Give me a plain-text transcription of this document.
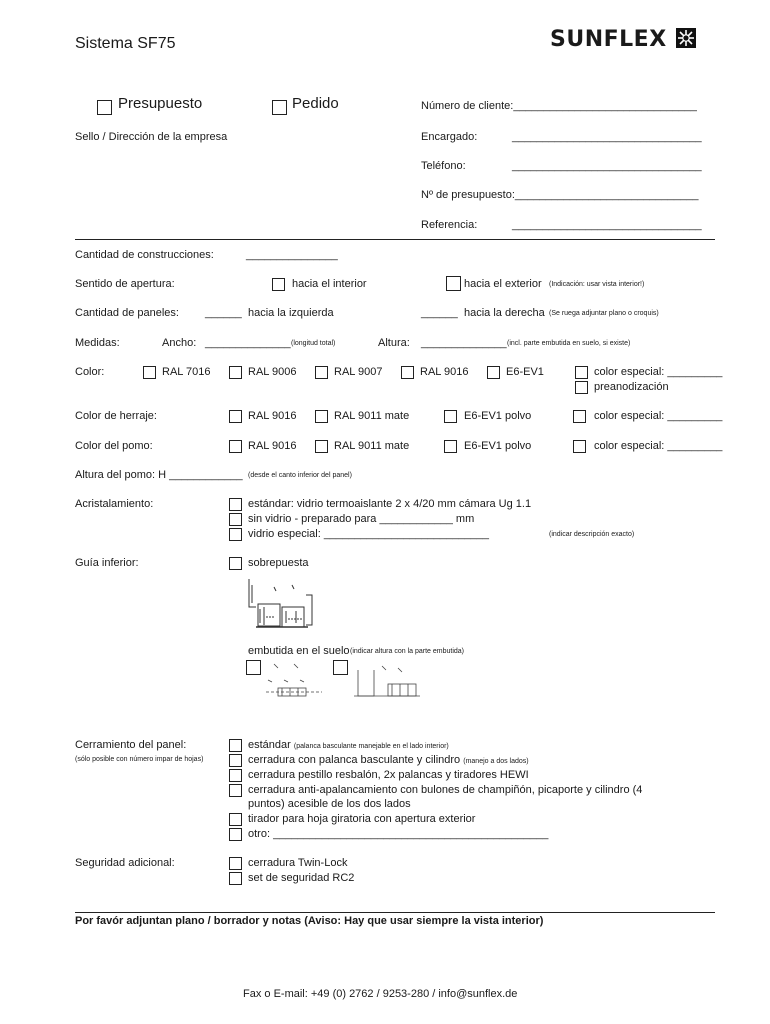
Sistema SF75	SUNFLEX
Presupuesto	Pedido
Sello / Dirección de la empresa
Número de cliente:______________________________
Encargado:	_______________________________
Teléfono:	_______________________________
Nº de presupuesto:______________________________
Referencia:	_______________________________
Cantidad de construcciones:	_______________
Sentido de apertura:	hacia el interior	hacia el exterior (Indicación: usar vista interior!)
Cantidad de paneles: ______ hacia la izquierda	______ hacia la derecha (Se ruega adjuntar plano o croquis)
Medidas:	Ancho: ______________ (longitud total)	Altura: ______________ (incl. parte embutida en suelo, si existe)
Color:	RAL 7016	RAL 9006	RAL 9007	RAL 9016	E6-EV1	color especial: _________
preanodización
Color de herraje:	RAL 9016	RAL 9011 mate	E6-EV1 polvo	color especial: _________
Color del pomo:	RAL 9016	RAL 9011 mate	E6-EV1 polvo	color especial: _________
Altura del pomo: H ____________ (desde el canto inferior del panel)
Acristalamiento:	estándar: vidrio termoaislante 2 x 4/20 mm cámara Ug 1.1
sin vidrio - preparado para ____________ mm
vidrio especial: ___________________________	(indicar descripción exacto)
Guía inferior:	sobrepuesta
embutida en el suelo (indicar altura con la parte embutida)
Cerramiento del panel:
(sólo posible con número impar de hojas)
estándar (palanca basculante manejable en el lado interior)
cerradura con palanca basculante y cilindro (manejo a dos lados)
cerradura pestillo resbalón, 2x palancas y tiradores HEWI
cerradura anti-apalancamiento con bulones de champiñón, picaporte y cilindro (4
puntos) acesible de los dos lados
tirador para hoja giratoria con apertura exterior
otro: _____________________________________________
Seguridad adicional:	cerradura Twin-Lock
set de seguridad RC2
Por favór adjuntan plano / borrador y notas (Aviso: Hay que usar siempre la vista interior)
Fax o E-mail: +49 (0) 2762 / 9253-280 / info@sunflex.de
